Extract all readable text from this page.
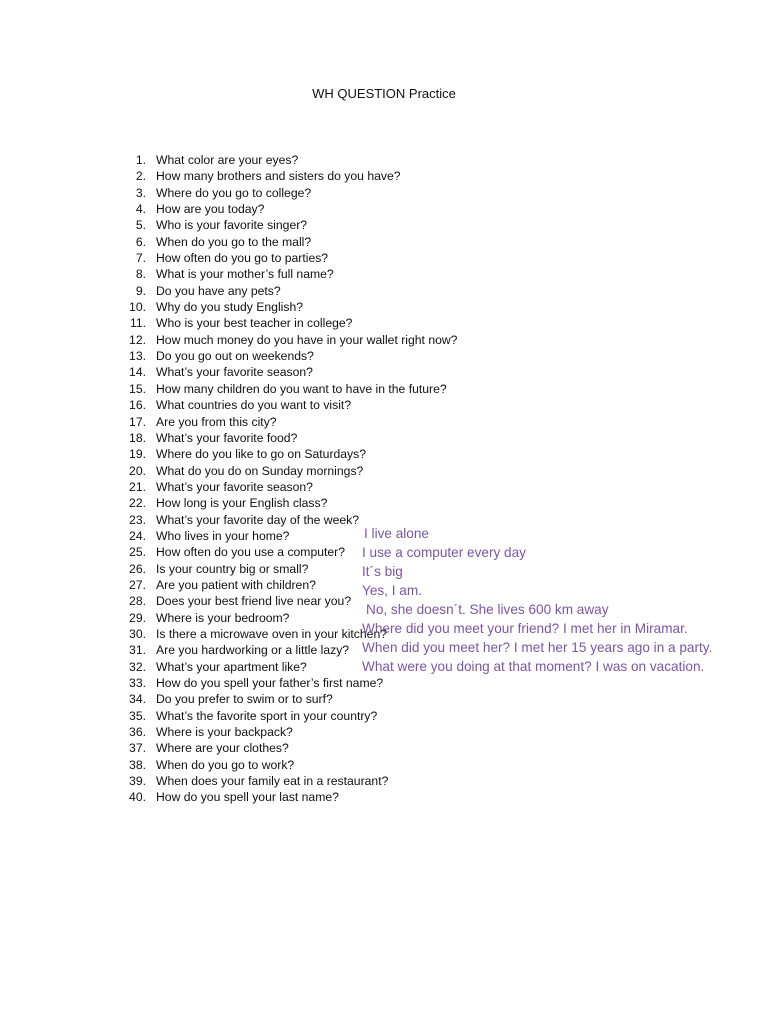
WH QUESTION Practice
1. What color are your eyes?
2. How many brothers and sisters do you have?
3. Where do you go to college?
4. How are you today?
5. Who is your favorite singer?
6. When do you go to the mall?
7. How often do you go to parties?
8. What is your mother’s full name?
9. Do you have any pets?
10. Why do you study English?
11. Who is your best teacher in college?
12. How much money do you have in your wallet right now?
13. Do you go out on weekends?
14. What’s your favorite season?
15. How many children do you want to have in the future?
16. What countries do you want to visit?
17. Are you from this city?
18. What’s your favorite food?
19. Where do you like to go on Saturdays?
20. What do you do on Sunday mornings?
21. What’s your favorite season?
22. How long is your English class?
23. What’s your favorite day of the week?
24. Who lives in your home?
25. How often do you use a computer?
26. Is your country big or small?
27. Are you patient with children?
28. Does your best friend live near you?
29. Where is your bedroom?
30. Is there a microwave oven in your kitchen?
31. Are you hardworking or a little lazy?
32. What’s your apartment like?
33. How do you spell your father’s first name?
34. Do you prefer to swim or to surf?
35. What’s the favorite sport in your country?
36. Where is your backpack?
37. Where are your clothes?
38. When do you go to work?
39. When does your family eat in a restaurant?
40. How do you spell your last name?
I live alone
I use a computer every day
It´s big
Yes, I am.
No, she doesn´t. She lives 600 km away
Where did you meet your friend? I met her in Miramar.
When did you meet her? I met her 15 years ago in a party.
What were you doing at that moment? I was on vacation.
